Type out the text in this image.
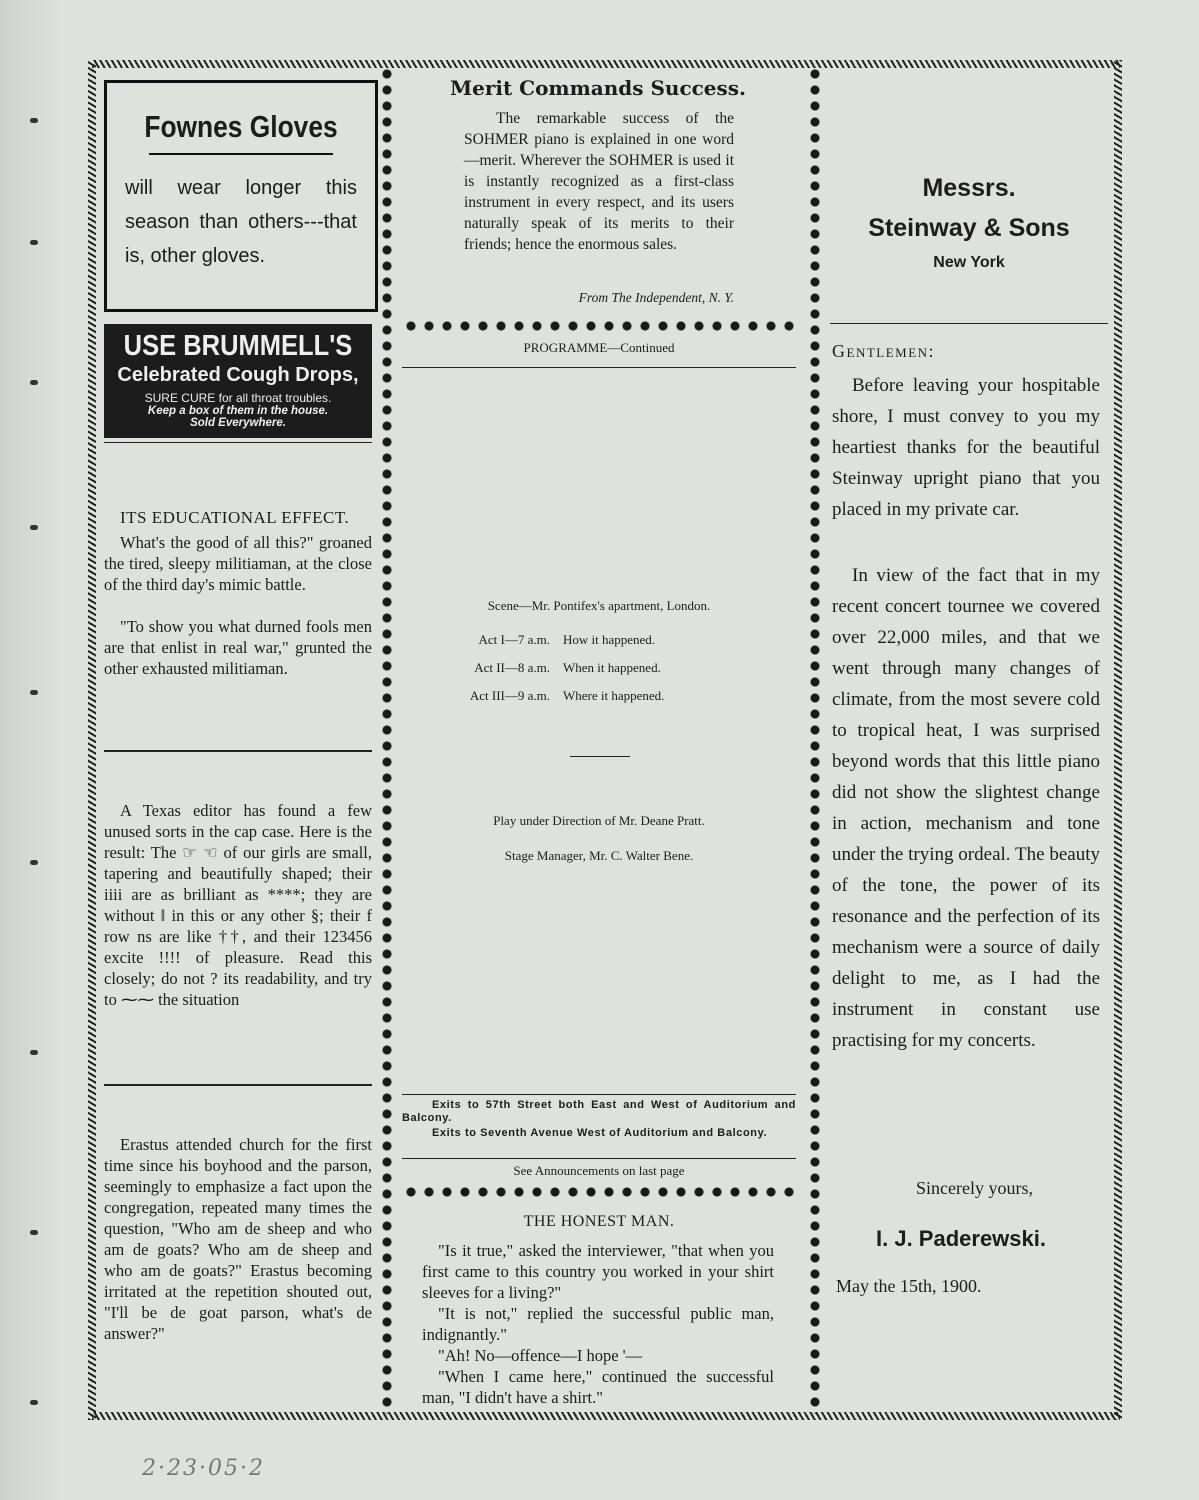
Fownes Gloves
will wear longer this season than others---that is, other gloves.
USE BRUMMELL'S
Celebrated Cough Drops,
SURE CURE for all throat troubles.
Keep a box of them in the house.
Sold Everywhere.
ITS EDUCATIONAL EFFECT.
What's the good of all this?" groaned the tired, sleepy militiaman, at the close of the third day's mimic battle.
"To show you what durned fools men are that enlist in real war," grunted the other exhausted militiaman.
A Texas editor has found a few unused sorts in the cap case. Here is the result: The ☞ ☜ of our girls are small, tapering and beautifully shaped; their iiii are as brilliant as ****; they are without ‖ in this or any other §; their f row ns are like ††, and their 123456 excite !!!! of pleasure. Read this closely; do not ? its readability, and try to ⁓⁓ the situation
Erastus attended church for the first time since his boyhood and the parson, seemingly to emphasize a fact upon the congregation, repeated many times the question, "Who am de sheep and who am de goats? Who am de sheep and who am de goats?" Erastus becoming irritated at the repetition shouted out, "I'll be de goat parson, what's de answer?"
Merit Commands Success.
The remarkable success of the SOHMER piano is explained in one word—merit. Wherever the SOHMER is used it is instantly recognized as a first-class instrument in every respect, and its users naturally speak of its merits to their friends; hence the enormous sales.
From The Independent, N. Y.
PROGRAMME—Continued
Scene—Mr. Pontifex's apartment, London.
Act I—7 a.m. How it happened.
Act II—8 a.m. When it happened.
Act III—9 a.m. Where it happened.
Play under Direction of Mr. Deane Pratt.
Stage Manager, Mr. C. Walter Bene.
Exits to 57th Street both East and West of Auditorium and Balcony.
Exits to Seventh Avenue West of Auditorium and Balcony.
See Announcements on last page
THE HONEST MAN.
"Is it true," asked the interviewer, "that when you first came to this country you worked in your shirt sleeves for a living?"
"It is not," replied the successful public man, indignantly."
"Ah! No—offence—I hope '—
"When I came here," continued the successful man, "I didn't have a shirt."
Messrs.
Steinway & Sons
New York
Gentlemen:
Before leaving your hospitable shore, I must convey to you my heartiest thanks for the beautiful Steinway upright piano that you placed in my private car.
In view of the fact that in my recent concert tournee we covered over 22,000 miles, and that we went through many changes of climate, from the most severe cold to tropical heat, I was surprised beyond words that this little piano did not show the slightest change in action, mechanism and tone under the trying ordeal. The beauty of the tone, the power of its resonance and the perfection of its mechanism were a source of daily delight to me, as I had the instrument in constant use practising for my concerts.
Sincerely yours,
I. J. Paderewski.
May the 15th, 1900.
2·23·05·2
